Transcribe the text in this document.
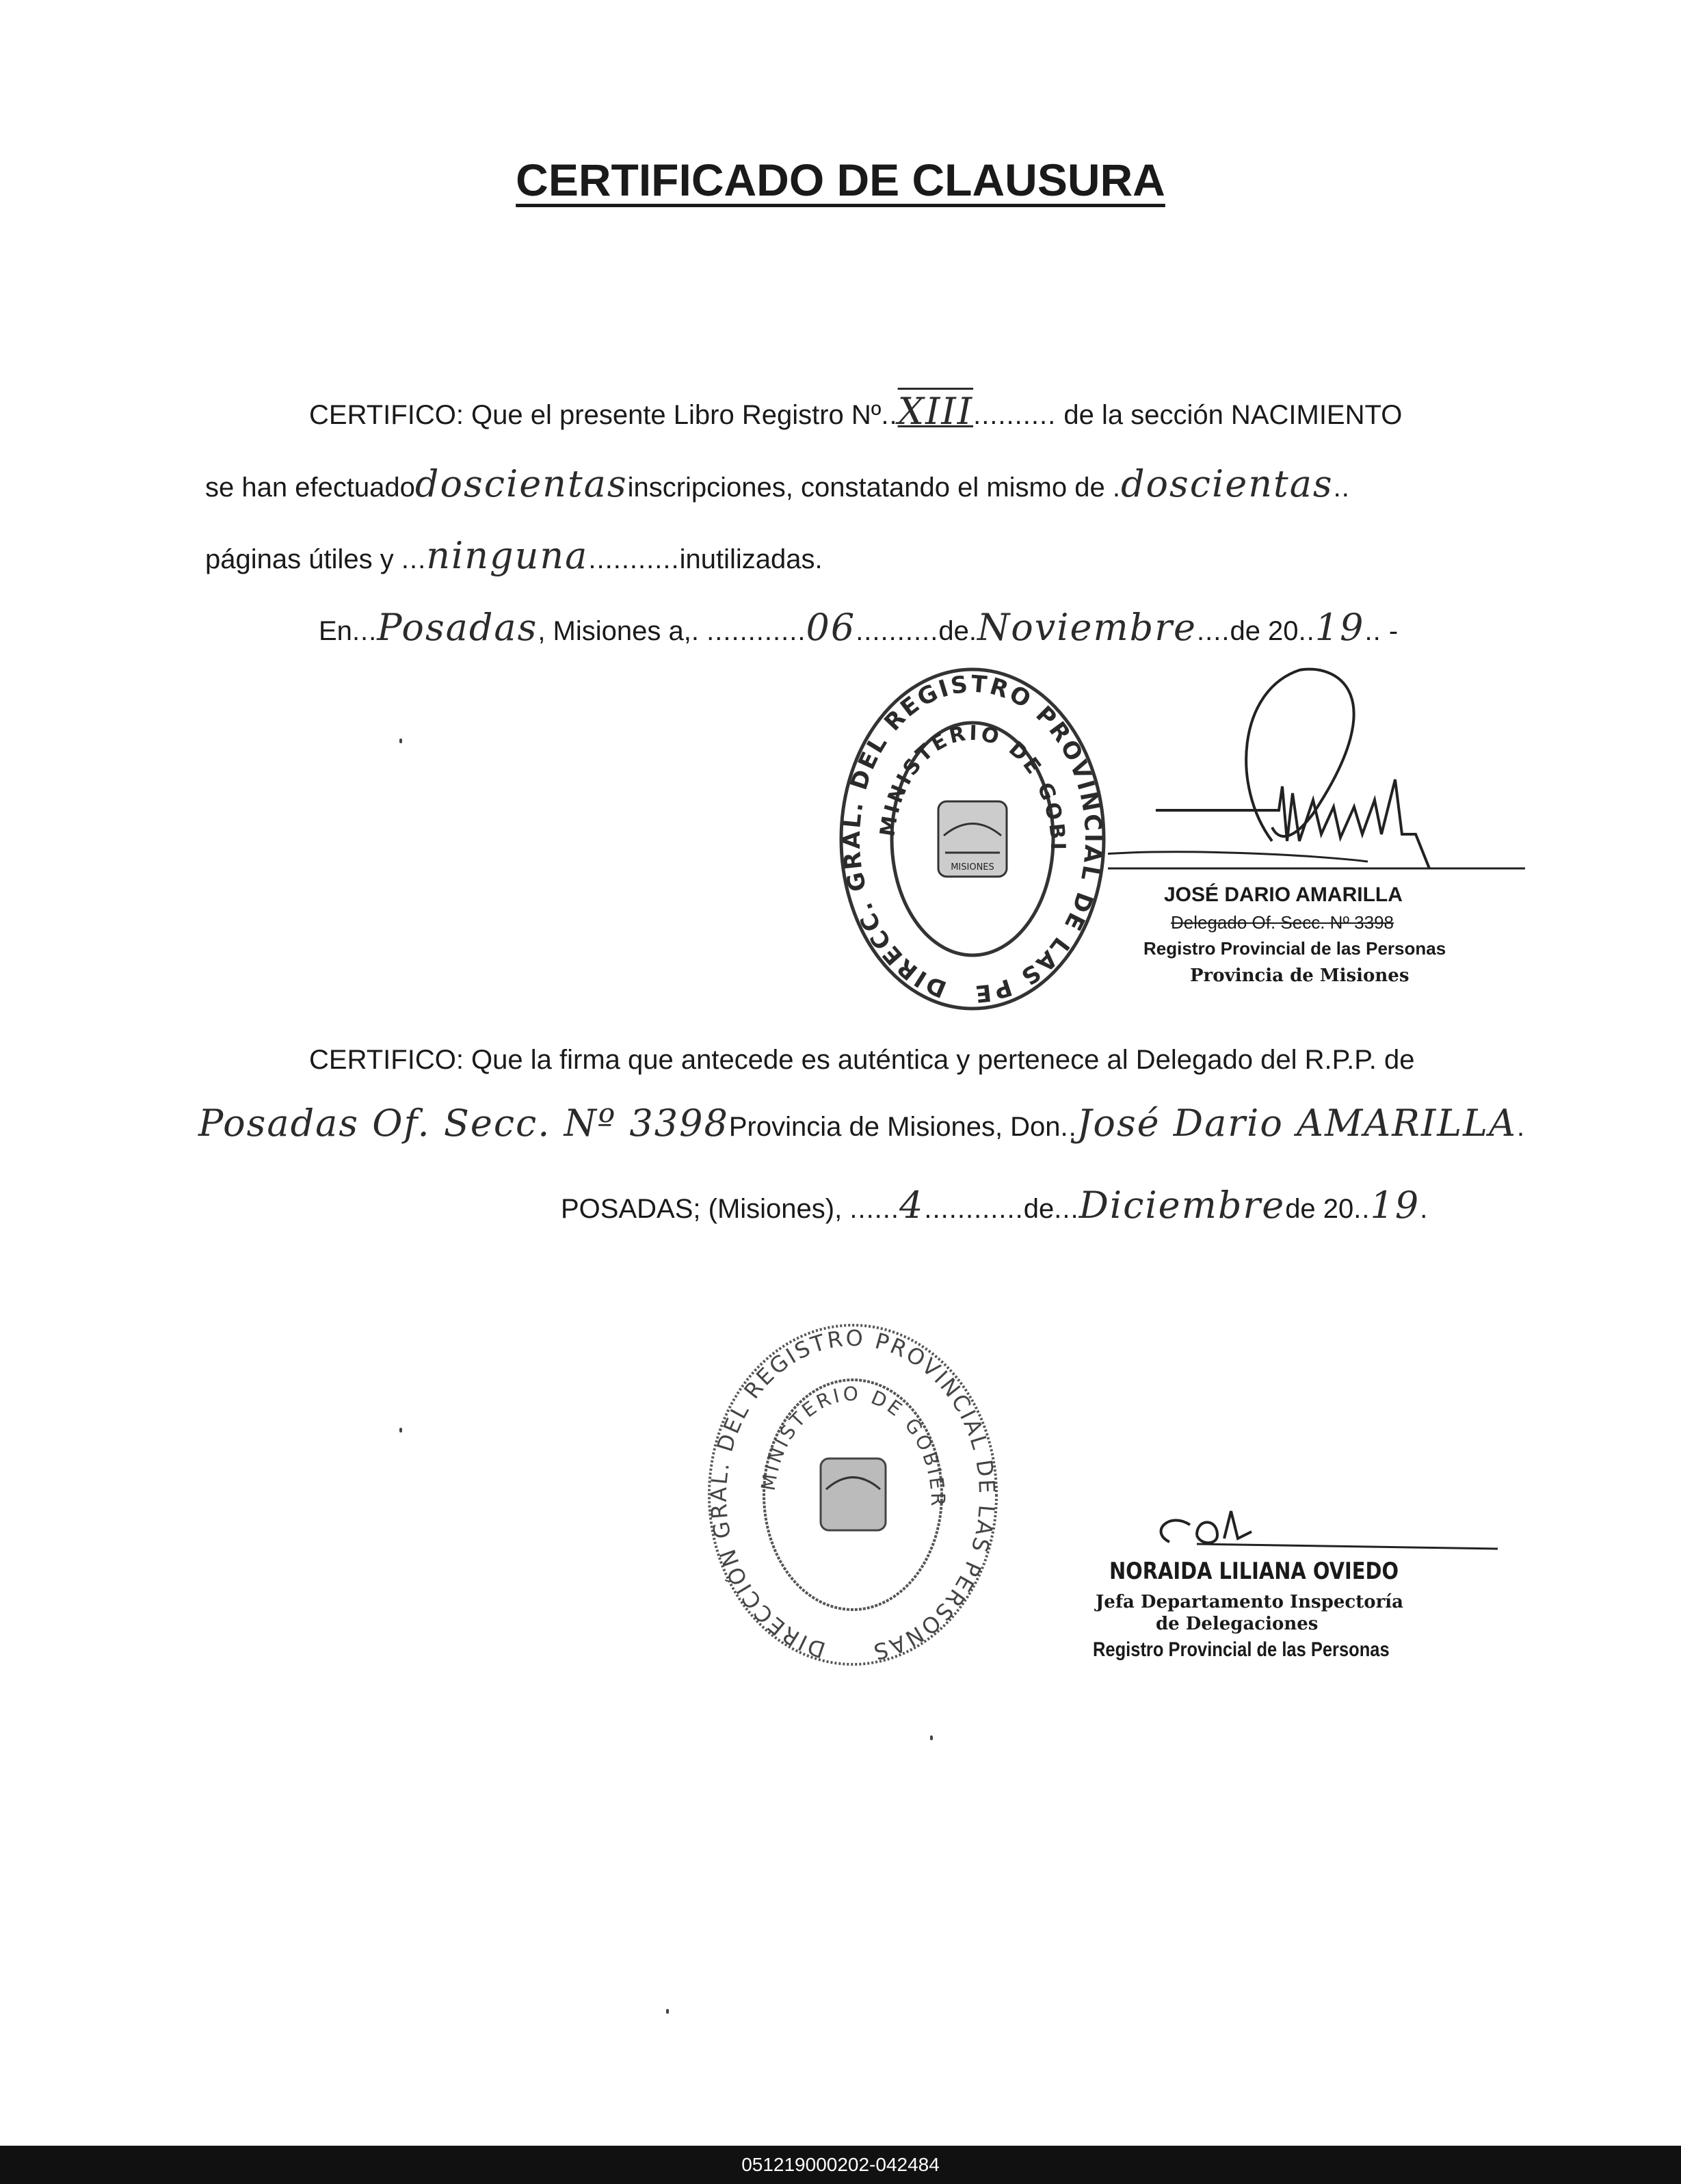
CERTIFICADO DE CLAUSURA
CERTIFICO: Que el presente Libro Registro Nº..XIII.......... de la sección NACIMIENTO
se han efectuadodoscientasinscripciones, constatando el mismo de .doscientas..
páginas útiles y ...ninguna...........inutilizadas.
En...Posadas, Misiones a,. ............06..........de.Noviembre....de 20..19.. -
DIRECC. GRAL. DEL REGISTRO PROVINCIAL DE LAS PE
MINISTERIO DE GOBI
MISIONES
JOSÉ DARIO AMARILLA
Delegado Of. Secc. Nº 3398
Registro Provincial de las Personas
Provincia de Misiones
CERTIFICO: Que la firma que antecede es auténtica y pertenece al Delegado del R.P.P. de
Posadas Of. Secc. Nº 3398Provincia de Misiones, Don..José Dario AMARILLA.
POSADAS; (Misiones), ......4............de...Diciembrede 20..19.
DIRECCIÓN GRAL. DEL REGISTRO PROVINCIAL DE LAS PERSONAS
MINISTERIO DE GOBIER
NORAIDA LILIANA OVIEDO
Jefa Departamento Inspectoría
de Delegaciones
Registro Provincial de las Personas
051219000202-042484
